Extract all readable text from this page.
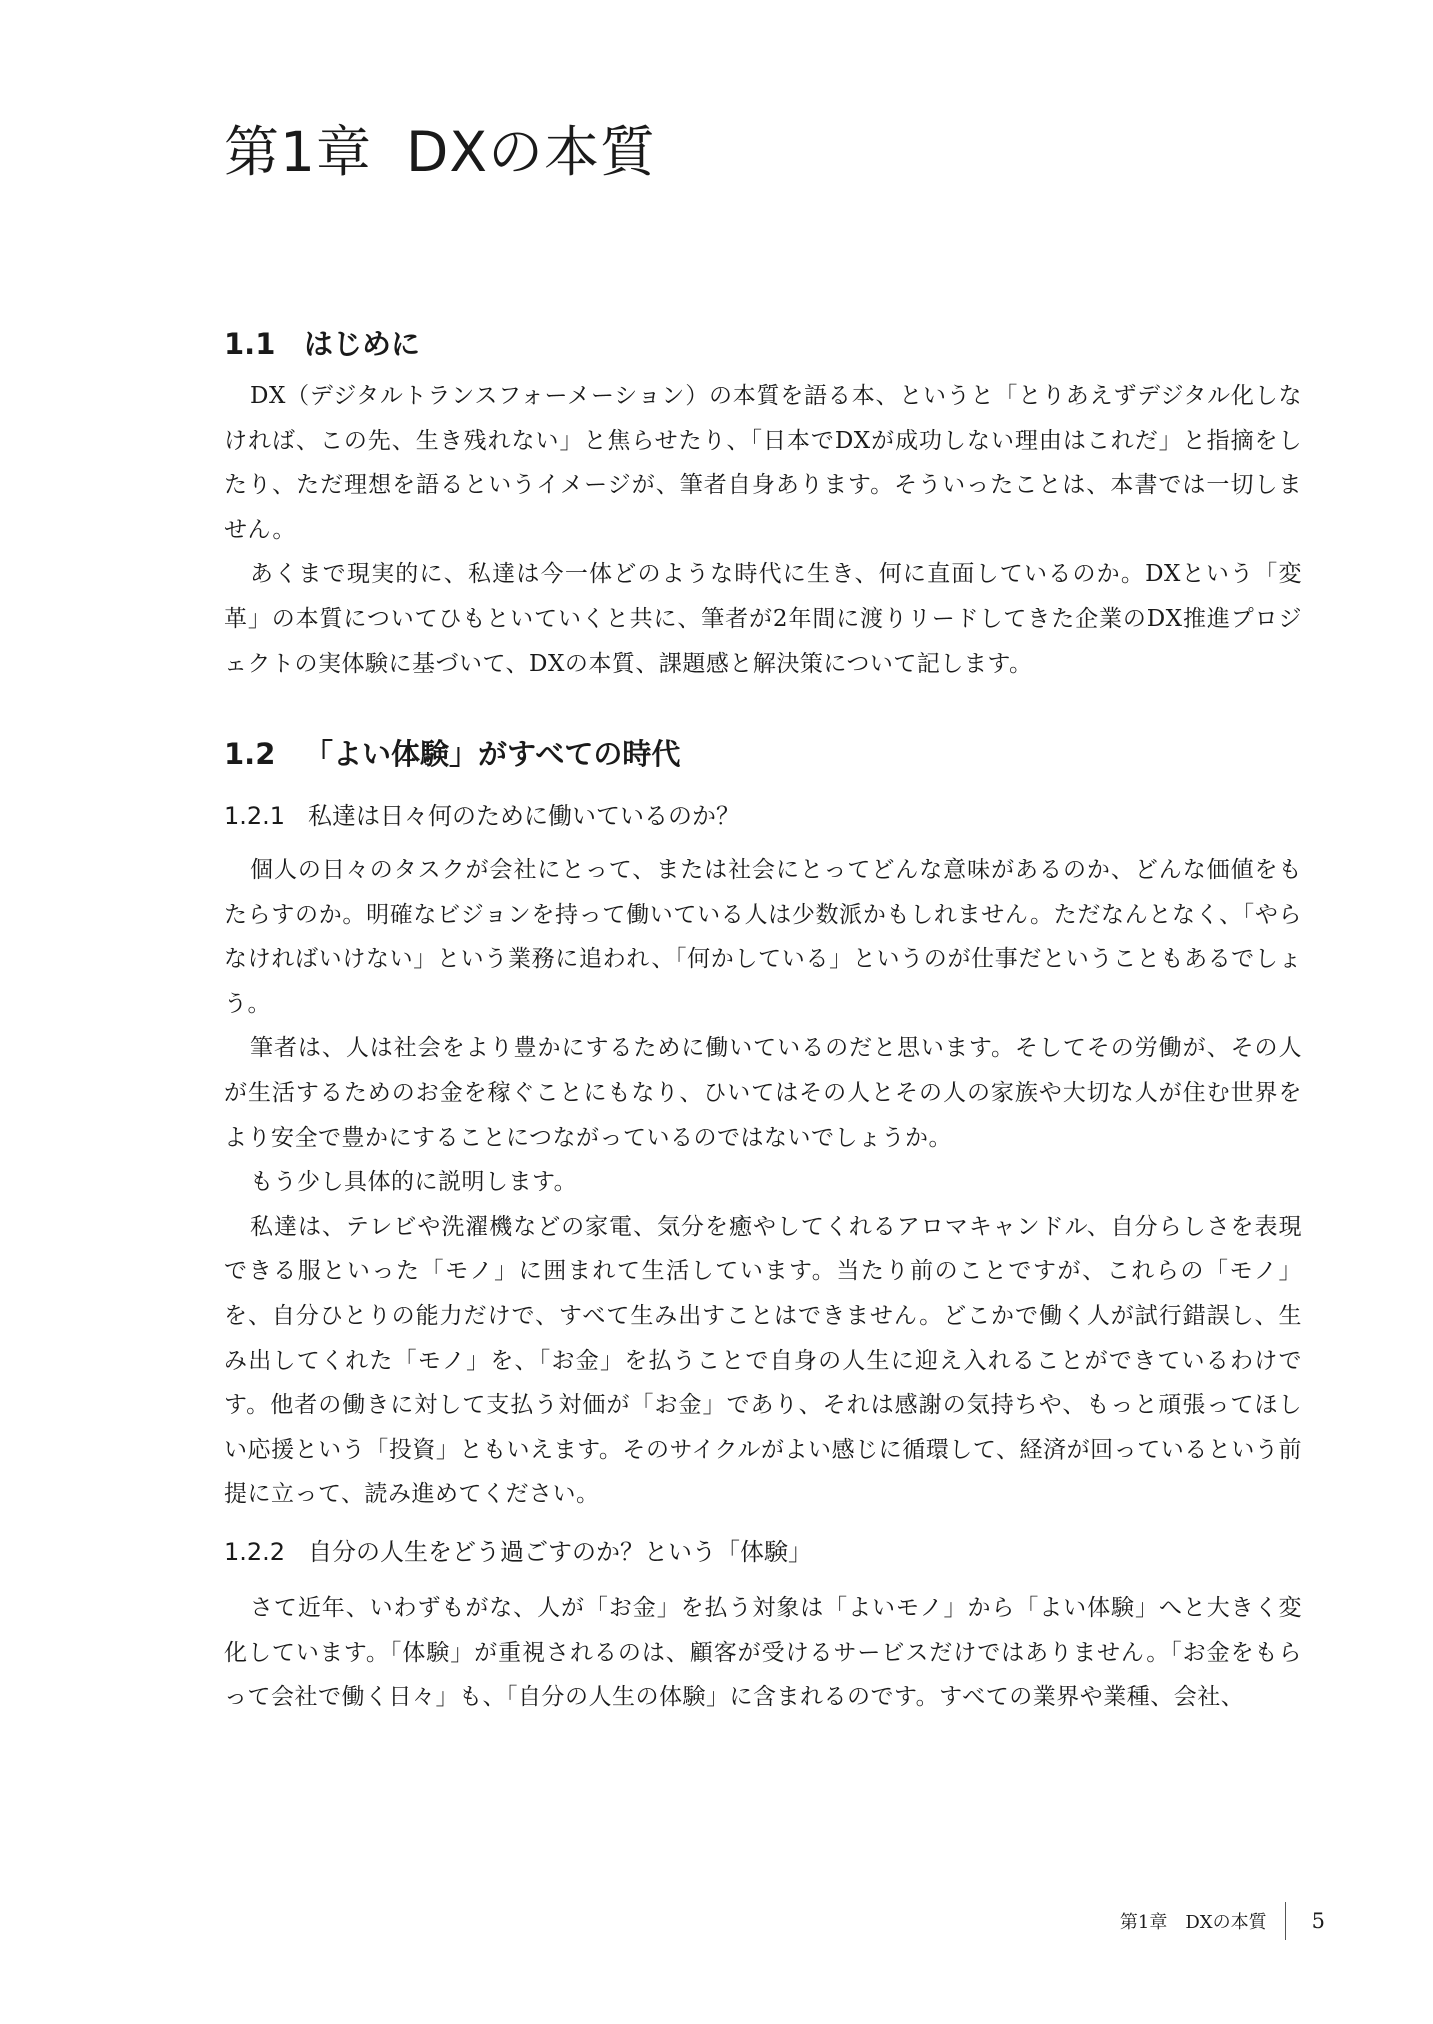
第1章 DXの本質
1.1 はじめに

DX（デジタルトランスフォーメーション）の本質を語る本、というと「とりあえずデジタル化しなければ、この先、生き残れない」と焦らせたり、「日本でDXが成功しない理由はこれだ」と指摘をしたり、ただ理想を語るというイメージが、筆者自身あります。そういったことは、本書では一切しません。

あくまで現実的に、私達は今一体どのような時代に生き、何に直面しているのか。DXという「変革」の本質についてひもといていくと共に、筆者が2年間に渡りリードしてきた企業のDX推進プロジェクトの実体験に基づいて、DXの本質、課題感と解決策について記します。

1.2 「よい体験」がすべての時代
1.2.1 私達は日々何のために働いているのか？

個人の日々のタスクが会社にとって、または社会にとってどんな意味があるのか、どんな価値をもたらすのか。明確なビジョンを持って働いている人は少数派かもしれません。ただなんとなく、「やらなければいけない」という業務に追われ、「何かしている」というのが仕事だということもあるでしょう。

筆者は、人は社会をより豊かにするために働いているのだと思います。そしてその労働が、その人が生活するためのお金を稼ぐことにもなり、ひいてはその人とその人の家族や大切な人が住む世界をより安全で豊かにすることにつながっているのではないでしょうか。

もう少し具体的に説明します。

私達は、テレビや洗濯機などの家電、気分を癒やしてくれるアロマキャンドル、自分らしさを表現できる服といった「モノ」に囲まれて生活しています。当たり前のことですが、これらの「モノ」を、自分ひとりの能力だけで、すべて生み出すことはできません。どこかで働く人が試行錯誤し、生み出してくれた「モノ」を、「お金」を払うことで自身の人生に迎え入れることができているわけです。他者の働きに対して支払う対価が「お金」であり、それは感謝の気持ちや、もっと頑張ってほしい応援という「投資」ともいえます。そのサイクルがよい感じに循環して、経済が回っているという前提に立って、読み進めてください。

1.2.2 自分の人生をどう過ごすのか？という「体験」

さて近年、いわずもがな、人が「お金」を払う対象は「よいモノ」から「よい体験」へと大きく変化しています。「体験」が重視されるのは、顧客が受けるサービスだけではありません。「お金をもらって会社で働く日々」も、「自分の人生の体験」に含まれるのです。すべての業界や業種、会社、

第1章　DXの本質 5
